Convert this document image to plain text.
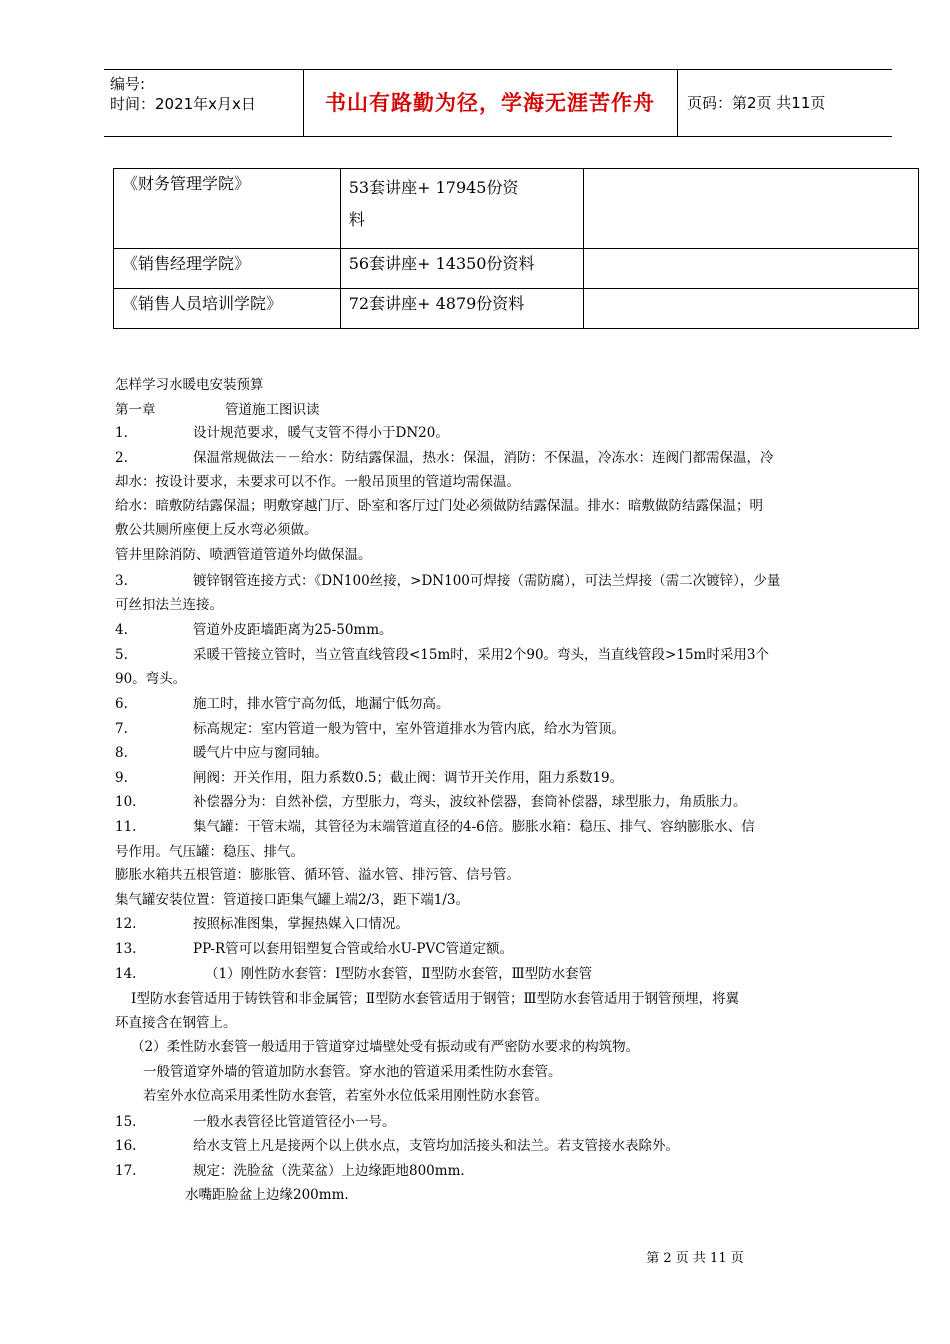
编号:
时间：2021年x月x日	书山有路勤为径，学海无涯苦作舟	页码：第2页 共11页
《财务管理学院》	53套讲座+ 17945份资
料	

《销售经理学院》	56套讲座+ 14350份资料	
《销售人员培训学院》	72套讲座+ 4879份资料	
怎样学习水暖电安装预算
第一章	管道施工图识读
1.	设计规范要求，暖气支管不得小于DN20。
2.	保温常规做法－－给水：防结露保温，热水：保温，消防：不保温，冷冻水：连阀门都需保温，冷
却水：按设计要求，未要求可以不作。一般吊顶里的管道均需保温。
给水：暗敷防结露保温；明敷穿越门厅、卧室和客厅过门处必须做防结露保温。排水：暗敷做防结露保温；明
敷公共厕所座便上反水弯必须做。
管井里除消防、喷洒管道管道外均做保温。
3.	镀锌钢管连接方式：《DN100丝接，>DN100可焊接（需防腐），可法兰焊接（需二次镀锌），少量
可丝扣法兰连接。
4.	管道外皮距墙距离为25-50mm。
5.	采暖干管接立管时，当立管直线管段<15m时，采用2个90。弯头，当直线管段>15m时采用3个
90。弯头。
6.	施工时，排水管宁高勿低，地漏宁低勿高。
7.	标高规定：室内管道一般为管中，室外管道排水为管内底，给水为管顶。
8.	暖气片中应与窗同轴。
9.	闸阀：开关作用，阻力系数0.5；截止阀：调节开关作用，阻力系数19。
10.	补偿器分为：自然补偿，方型胀力，弯头，波纹补偿器，套筒补偿器，球型胀力，角质胀力。
11.	集气罐：干管末端，其管径为末端管道直径的4-6倍。膨胀水箱：稳压、排气、容纳膨胀水、信
号作用。气压罐：稳压、排气。
膨胀水箱共五根管道：膨胀管、循环管、溢水管、排污管、信号管。
集气罐安装位置：管道接口距集气罐上端2/3，距下端1/3。
12.	按照标准图集，掌握热媒入口情况。
13.	PP-R管可以套用铝塑复合管或给水U-PVC管道定额。
14.	（1）刚性防水套管：Ⅰ型防水套管，Ⅱ型防水套管，Ⅲ型防水套管
Ⅰ型防水套管适用于铸铁管和非金属管；Ⅱ型防水套管适用于钢管；Ⅲ型防水套管适用于钢管预埋，将翼
环直接含在钢管上。
（2）柔性防水套管一般适用于管道穿过墙壁处受有振动或有严密防水要求的构筑物。
一般管道穿外墙的管道加防水套管。穿水池的管道采用柔性防水套管。
若室外水位高采用柔性防水套管，若室外水位低采用刚性防水套管。
15.	一般水表管径比管道管径小一号。
16.	给水支管上凡是接两个以上供水点，支管均加活接头和法兰。若支管接水表除外。
17.	规定：洗脸盆（洗菜盆）上边缘距地800mm.
水嘴距脸盆上边缘200mm.
第 2 页 共 11 页
